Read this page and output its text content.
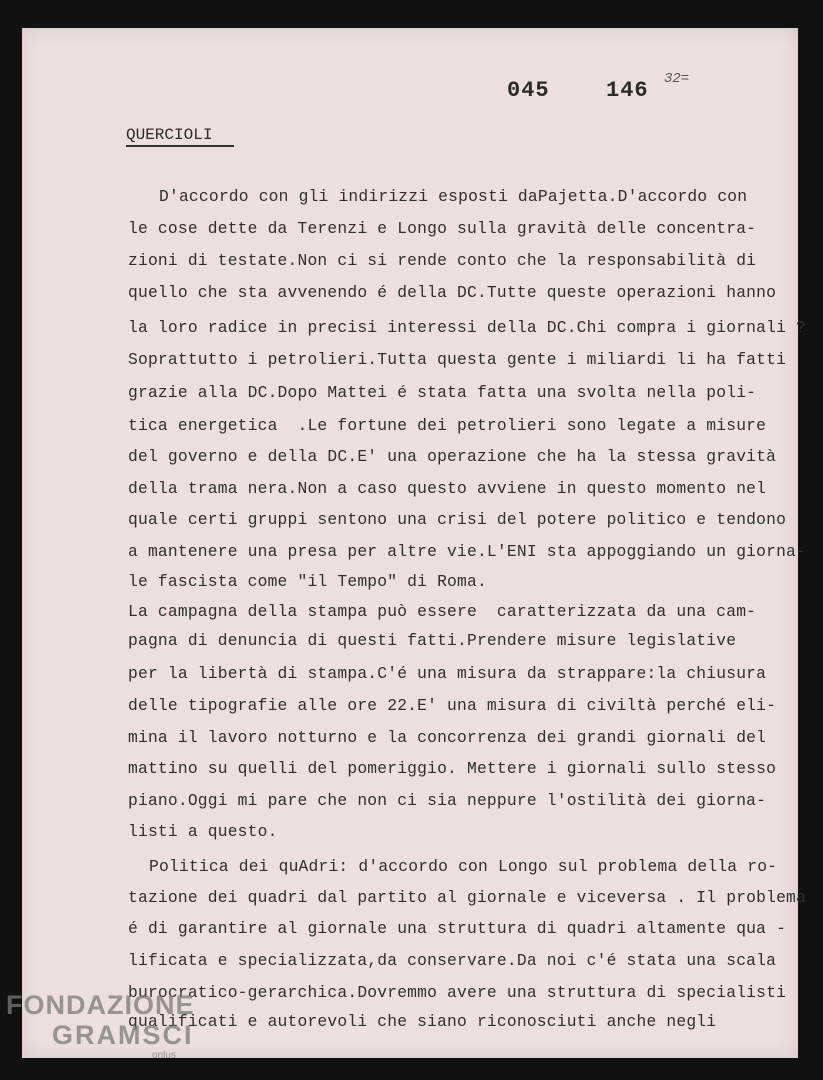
045	146 32=
QUERCIOLI
D'accordo con gli indirizzi esposti daPajetta.D'accordo con
le cose dette da Terenzi e Longo sulla gravità delle concentra-
zioni di testate.Non ci si rende conto che la responsabilità di
quello che sta avvenendo é della DC.Tutte queste operazioni hanno
la loro radice in precisi interessi della DC.Chi compra i giornali ?
Soprattutto i petrolieri.Tutta questa gente i miliardi li ha fatti
grazie alla DC.Dopo Mattei é stata fatta una svolta nella poli-
tica energetica  .Le fortune dei petrolieri sono legate a misure
del governo e della DC.E' una operazione che ha la stessa gravità
della trama nera.Non a caso questo avviene in questo momento nel
quale certi gruppi sentono una crisi del potere politico e tendono
a mantenere una presa per altre vie.L'ENI sta appoggiando un giorna-
le fascista come "il Tempo" di Roma.
La campagna della stampa può essere  caratterizzata da una cam-
pagna di denuncia di questi fatti.Prendere misure legislative
per la libertà di stampa.C'é una misura da strappare:la chiusura
delle tipografie alle ore 22.E' una misura di civiltà perché eli-
mina il lavoro notturno e la concorrenza dei grandi giornali del
mattino su quelli del pomeriggio. Mettere i giornali sullo stesso
piano.Oggi mi pare che non ci sia neppure l'ostilità dei giorna-
listi a questo.
Politica dei quAdri: d'accordo con Longo sul problema della ro-
tazione dei quadri dal partito al giornale e viceversa . Il problema
é di garantire al giornale una struttura di quadri altamente qua -
lificata e specializzata,da conservare.Da noi c'é stata una scala
burocratico-gerarchica.Dovremmo avere una struttura di specialisti
qualificati e autorevoli che siano riconosciuti anche negli
FONDAZIONE
GRAMSCI
onlus
